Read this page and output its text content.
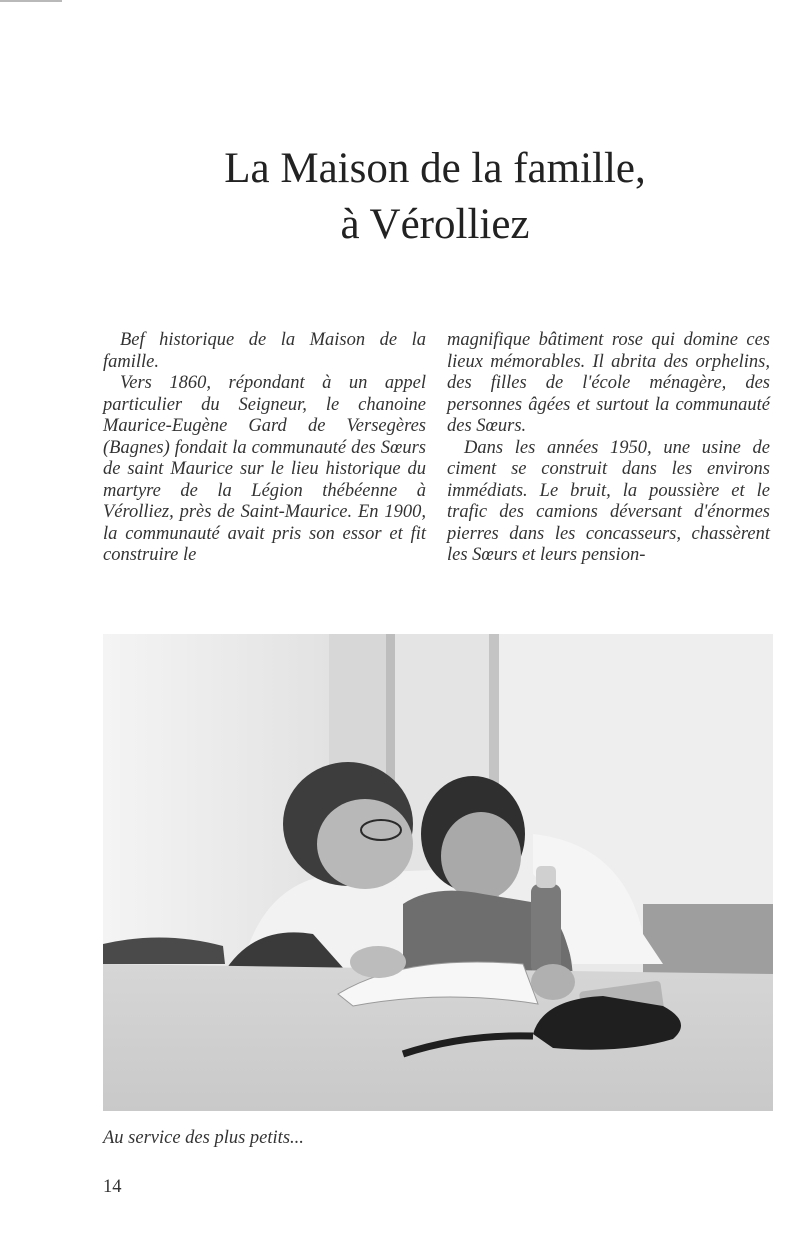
La Maison de la famille,
à Vérolliez

Bef historique de la Maison de la famille.

Vers 1860, répondant à un appel particulier du Seigneur, le chanoine Maurice-Eugène Gard de Versegères (Bagnes) fondait la communauté des Sœurs de saint Maurice sur le lieu historique du martyre de la Légion thébéenne à Vérolliez, près de Saint-Maurice. En 1900, la communauté avait pris son essor et fit construire le

magnifique bâtiment rose qui domine ces lieux mémorables. Il abrita des orphelins, des filles de l'école ménagère, des personnes âgées et surtout la communauté des Sœurs.

Dans les années 1950, une usine de ciment se construit dans les environs immédiats. Le bruit, la poussière et le trafic des camions déversant d'énormes pierres dans les concasseurs, chassèrent les Sœurs et leurs pension-

Au service des plus petits...
14
